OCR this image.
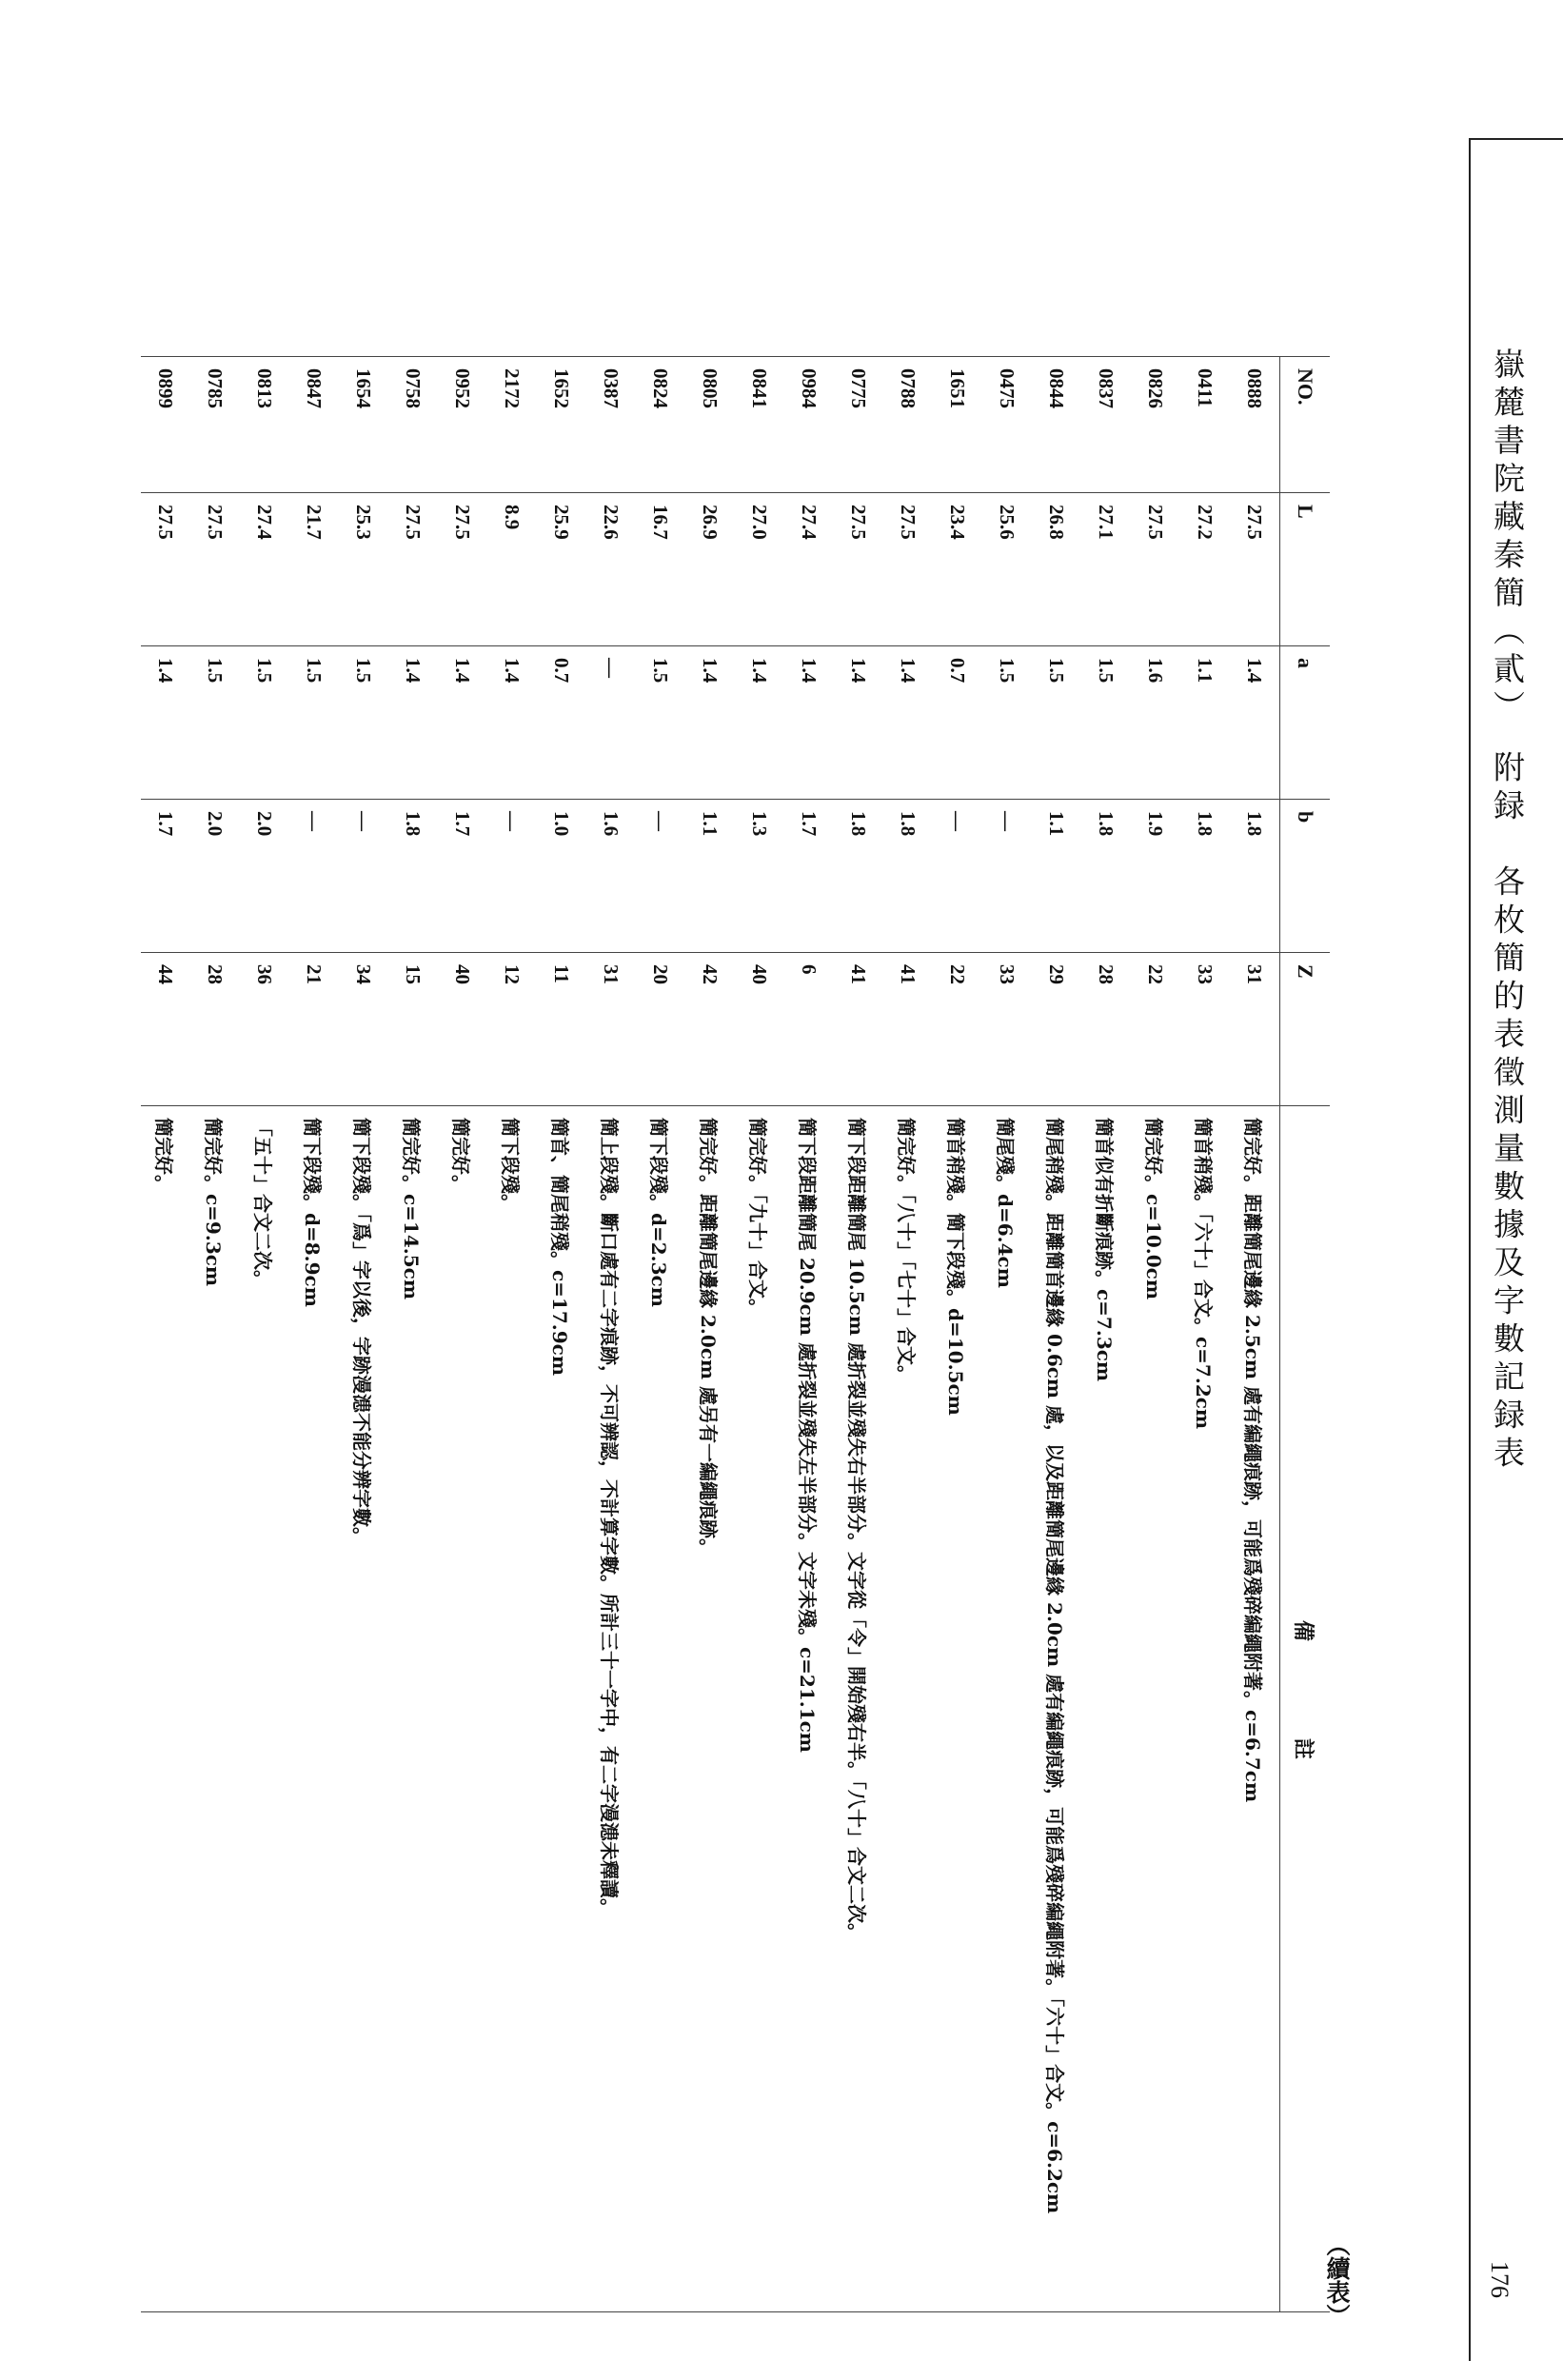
嶽麓書院藏秦簡（貳）　附録　各枚簡的表徵測量數據及字數記録表
176
（續表）
NO.	L	a	b	Z	備　註
0888	27.5	1.4	1.8	31	簡完好。距離簡尾邊緣 2.5cm 處有編繩痕跡，可能爲殘碎編繩附著。c=6.7cm
0411	27.2	1.1	1.8	33	簡首稍殘。「六十」合文。c=7.2cm
0826	27.5	1.6	1.9	22	簡完好。c=10.0cm
0837	27.1	1.5	1.8	28	簡首似有折斷痕跡。c=7.3cm
0844	26.8	1.5	1.1	29	簡尾稍殘。距離簡首邊緣 0.6cm 處，以及距離簡尾邊緣 2.0cm 處有編繩痕跡，可能爲殘碎編繩附著。「六十」合文。c=6.2cm
0475	25.6	1.5	—	33	簡尾殘。d=6.4cm
1651	23.4	0.7	—	22	簡首稍殘。簡下段殘。d=10.5cm
0788	27.5	1.4	1.8	41	簡完好。「八十」「七十」合文。
0775	27.5	1.4	1.8	41	簡下段距離簡尾 10.5cm 處折裂並殘失右半部分。文字從「令」開始殘右半。「八十」合文二次。
0984	27.4	1.4	1.7	6	簡下段距離簡尾 20.9cm 處折裂並殘失左半部分。文字未殘。c=21.1cm
0841	27.0	1.4	1.3	40	簡完好。「九十」合文。
0805	26.9	1.4	1.1	42	簡完好。距離簡尾邊緣 2.0cm 處另有一編繩痕跡。
0824	16.7	1.5	—	20	簡下段殘。d=2.3cm
0387	22.6	—	1.6	31	簡上段殘。斷口處有二字痕跡，不可辨認，不計算字數。所計三十一字中，有二字漫漶未釋讀。
1652	25.9	0.7	1.0	11	簡首、簡尾稍殘。c=17.9cm
2172	8.9	1.4	—	12	簡下段殘。
0952	27.5	1.4	1.7	40	簡完好。
0758	27.5	1.4	1.8	15	簡完好。c=14.5cm
1654	25.3	1.5	—	34	簡下段殘。「爲」字以後，字跡漫漶不能分辨字數。
0847	21.7	1.5	—	21	簡下段殘。d=8.9cm
0813	27.4	1.5	2.0	36	「五十」合文二次。
0785	27.5	1.5	2.0	28	簡完好。c=9.3cm
0899	27.5	1.4	1.7	44	簡完好。
